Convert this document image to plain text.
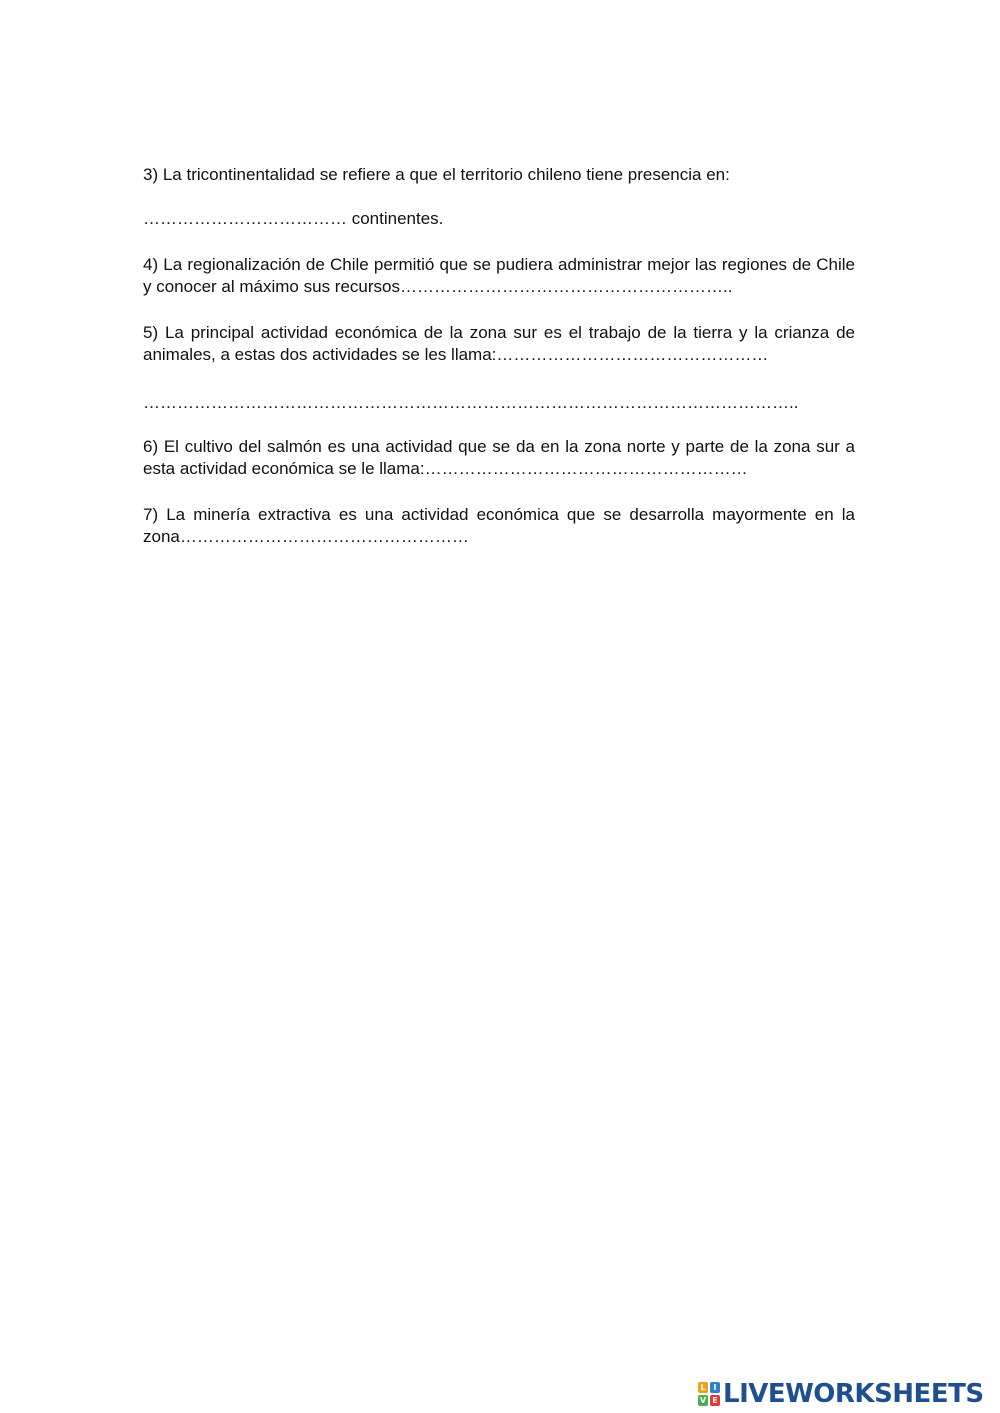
3) La tricontinentalidad se refiere a que el territorio chileno tiene presencia en:

……………………………… continentes.

4) La regionalización de Chile permitió que se pudiera administrar mejor las regiones de Chile y conocer al máximo sus recursos…………………………………………………..

5) La principal actividad económica de la zona sur es el trabajo de la tierra y la crianza de animales, a estas dos actividades se les llama:…………………………………………

……………………………………………………………………………………………………..

6) El cultivo del salmón es una actividad que se da en la zona norte y parte de la zona sur a esta actividad económica se le llama:…………………………………………………

7) La minería extractiva es una actividad económica que se desarrolla mayormente en la zona……………………………………………

L I
V E LIVEWORKSHEETS
